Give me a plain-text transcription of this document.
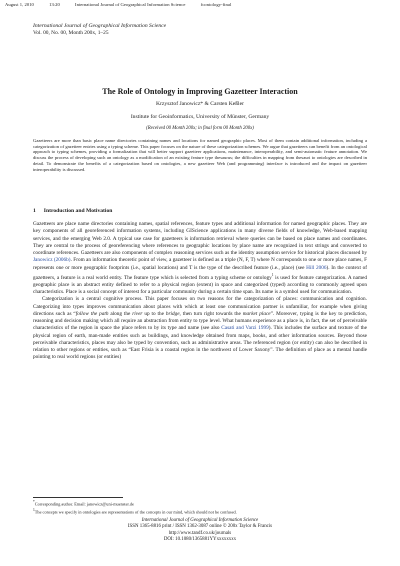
August 1, 2010	13:20	International Journal of Geographical Information Science	fcontology-final
International Journal of Geographical Information Science
Vol. 00, No. 00, Month 200x, 1–25
The Role of Ontology in Improving Gazetteer Interaction
Krzysztof Janowicz* & Carsten Keßler
Institute for Geoinformatics, University of Münster, Germany
(Received 00 Month 200x; in final form 00 Month 200x)
Gazetteers are more than basic place name directories containing names and locations for named geographic places. Most of them contain additional information, including a categorization of gazetteer entries using a typing scheme. This paper focuses on the nature of these categorization schemes. We argue that gazetteers can benefit from an ontological approach to typing schemes, providing a formalization that will better support gazetteer applications, maintenance, interoperability, and semi-automatic feature annotation. We discuss the process of developing such an ontology as a modification of an existing feature type thesaurus; the difficulties in mapping from thesauri to ontologies are described in detail. To demonstrate the benefits of a categorization based on ontologies, a new gazetteer Web (and programming) interface is introduced and the impact on gazetteer interoperability is discussed.
1 Introduction and Motivation

Gazetteers are place name directories containing names, spatial references, feature types and additional information for named geographic places. They are key components of all georeferenced information systems, including GIScience applications in many diverse fields of knowledge, Web-based mapping services, and the emerging Web 2.0. A typical use case for gazetteers is information retrieval where queries can be based on place names and coordinates. They are central to the process of georeferencing where references to geographic locations by place name are recognized in text strings and converted to coordinate references. Gazetteers are also components of complex reasoning services such as the identity assumption service for historical places discussed by Janowicz (2006b). From an information theoretic point of view, a gazetteer is defined as a triple (N, F, T) where N corresponds to one or more place names, F represents one or more geographic footprints (i.e., spatial locations) and T is the type of the described feature (i.e., place) (see Hill 2006). In the context of gazetteers, a feature is a real world entity. The feature type which is selected from a typing scheme or ontology$^1$ is used for feature categorization. A named geographic place is an abstract entity defined to refer to a physical region (extent) in space and categorized (typed) according to commonly agreed upon characteristics. Place is a social concept of interest for a particular community during a certain time span. Its name is a symbol used for communication.

Categorization is a central cognitive process. This paper focuses on two reasons for the categorization of places: communication and cognition. Categorizing into types improves communication about places with which at least one communication partner is unfamiliar, for example when giving directions such as “follow the path along the river up to the bridge, then turn right towards the market place”. Moreover, typing is the key to prediction, reasoning and decision making which all require an abstraction from entity to type level. What humans experience as a place is, in fact, the set of perceivable characteristics of the region in space the place refers to by its type and name (see also Casati and Varzi 1999). This includes the surface and texture of the physical region of earth, man-made entities such as buildings, and knowledge obtained from maps, books, and other information sources. Beyond those perceivable characteristics, places may also be typed by convention, such as administrative areas. The referenced region (or entity) can also be described in relation to other regions or entities, such as “East Frisia is a coastal region in the northwest of Lower Saxony”. The definition of place as a mental handle pointing to real world regions (or entities)

*Corresponding author. Email: janowicz@uni-muenster.de
$^1$The concepts we specify in ontologies are representations of the concepts in our mind, which should not be confused.
International Journal of Geographical Information Science
ISSN 1365-8816 print / ISSN 1362-3087 online © 200x Taylor & Francis
http://www.tandf.co.uk/journals
DOI: 10.1080/1365881YYxxxxxxxx
